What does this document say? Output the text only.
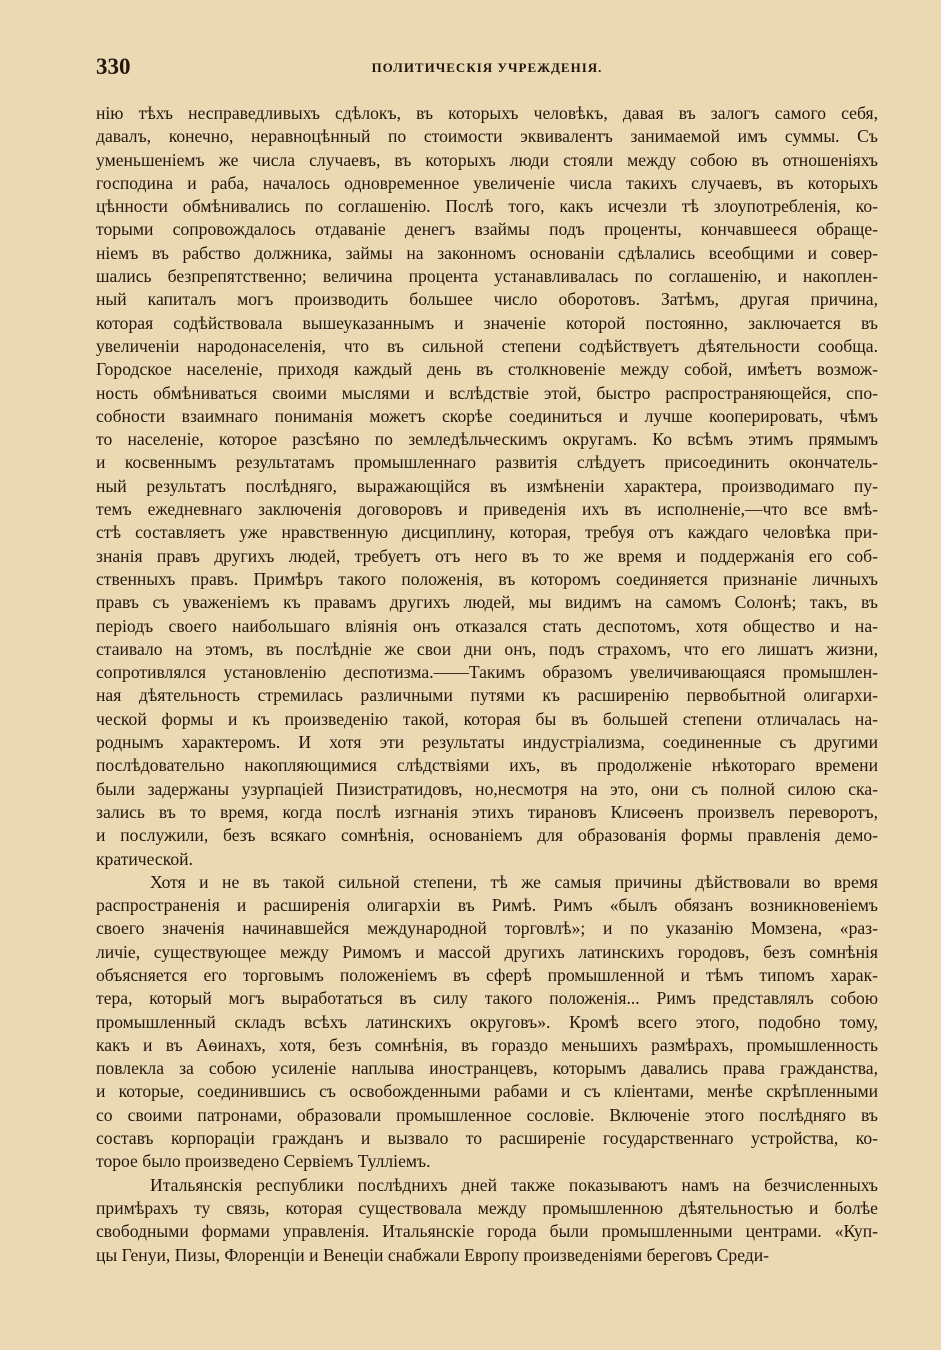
330	ПОЛИТИЧЕСКIЯ УЧРЕЖДЕНIЯ.
нію тѣхъ несправедливыхъ сдѣлокъ, въ которыхъ человѣкъ, давая въ залогъ самого себя,
давалъ, конечно, неравноцѣнный по стоимости эквивалентъ занимаемой имъ суммы. Съ
уменьшеніемъ же числа случаевъ, въ которыхъ люди стояли между собою въ отношеніяхъ
господина и раба, началось одновременное увеличеніе числа такихъ случаевъ, въ которыхъ
цѣнности обмѣнивались по соглашенію. Послѣ того, какъ исчезли тѣ злоупотребленія, ко-
торыми сопровождалось отдаваніе денегъ взаймы подъ проценты, кончавшееся обраще-
ніемъ въ рабство должника, займы на законномъ основаніи сдѣлались всеобщими и совер-
шались безпрепятственно; величина процента устанавливалась по соглашенію, и накоплен-
ный капиталъ могъ производить большее число оборотовъ. Затѣмъ, другая причина,
которая содѣйствовала вышеуказаннымъ и значеніе которой постоянно, заключается въ
увеличеніи народонаселенія, что въ сильной степени содѣйствуетъ дѣятельности сообща.
Городское населеніе, приходя каждый день въ столкновеніе между собой, имѣетъ возмож-
ность обмѣниваться своими мыслями и вслѣдствіе этой, быстро распространяющейся, спо-
собности взаимнаго пониманія можетъ скорѣе соединиться и лучше кооперировать, чѣмъ
то населеніе, которое разсѣяно по земледѣльческимъ округамъ. Ко всѣмъ этимъ прямымъ
и косвеннымъ результатамъ промышленнаго развитія слѣдуетъ присоединить окончатель-
ный результатъ послѣдняго, выражающійся въ измѣненіи характера, производимаго пу-
темъ ежедневнаго заключенія договоровъ и приведенія ихъ въ исполненіе,—что все вмѣ-
стѣ составляетъ уже нравственную дисциплину, которая, требуя отъ каждаго человѣка при-
знанія правъ другихъ людей, требуетъ отъ него въ то же время и поддержанія его соб-
ственныхъ правъ. Примѣръ такого положенія, въ которомъ соединяется признаніе личныхъ
правъ съ уваженіемъ къ правамъ другихъ людей, мы видимъ на самомъ Солонѣ; такъ, въ
періодъ своего наибольшаго вліянія онъ отказался стать деспотомъ, хотя общество и на-
стаивало на этомъ, въ послѣдніе же свои дни онъ, подъ страхомъ, что его лишатъ жизни,
сопротивлялся установленію деспотизма.——Такимъ образомъ увеличивающаяся промышлен-
ная дѣятельность стремилась различными путями къ расширенію первобытной олигархи-
ческой формы и къ произведенію такой, которая бы въ большей степени отличалась на-
роднымъ характеромъ. И хотя эти результаты индустріализма, соединенные съ другими
послѣдовательно накопляющимися слѣдствіями ихъ, въ продолженіе нѣкотораго времени
были задержаны узурпаціей Пизистратидовъ, но,несмотря на это, они съ полной силою ска-
зались въ то время, когда послѣ изгнанія этихъ тирановъ Клисѳенъ произвелъ переворотъ,
и послужили, безъ всякаго сомнѣнія, основаніемъ для образованія формы правленія демо-
кратической.
Хотя и не въ такой сильной степени, тѣ же самыя причины дѣйствовали во время
распространенія и расширенія олигархіи въ Римѣ. Римъ «былъ обязанъ возникновеніемъ
своего значенія начинавшейся международной торговлѣ»; и по указанію Момзена, «раз-
личіе, существующее между Римомъ и массой другихъ латинскихъ городовъ, безъ сомнѣнія
объясняется его торговымъ положеніемъ въ сферѣ промышленной и тѣмъ типомъ харак-
тера, который могъ выработаться въ силу такого положенія... Римъ представлялъ собою
промышленный складъ всѣхъ латинскихъ округовъ». Кромѣ всего этого, подобно тому,
какъ и въ Аѳинахъ, хотя, безъ сомнѣнія, въ гораздо меньшихъ размѣрахъ, промышленность
повлекла за собою усиленіе наплыва иностранцевъ, которымъ давались права гражданства,
и которые, соединившись съ освобожденными рабами и съ кліентами, менѣе скрѣпленными
со своими патронами, образовали промышленное сословіе. Включеніе этого послѣдняго въ
составъ корпораціи гражданъ и вызвало то расширеніе государственнаго устройства, ко-
торое было произведено Сервіемъ Тулліемъ.
Итальянскія республики послѣднихъ дней также показываютъ намъ на безчисленныхъ
примѣрахъ ту связь, которая существовала между промышленною дѣятельностью и болѣе
свободными формами управленія. Итальянскіе города были промышленными центрами. «Куп-
цы Генуи, Пизы, Флоренціи и Венеціи снабжали Европу произведеніями береговъ Среди-
